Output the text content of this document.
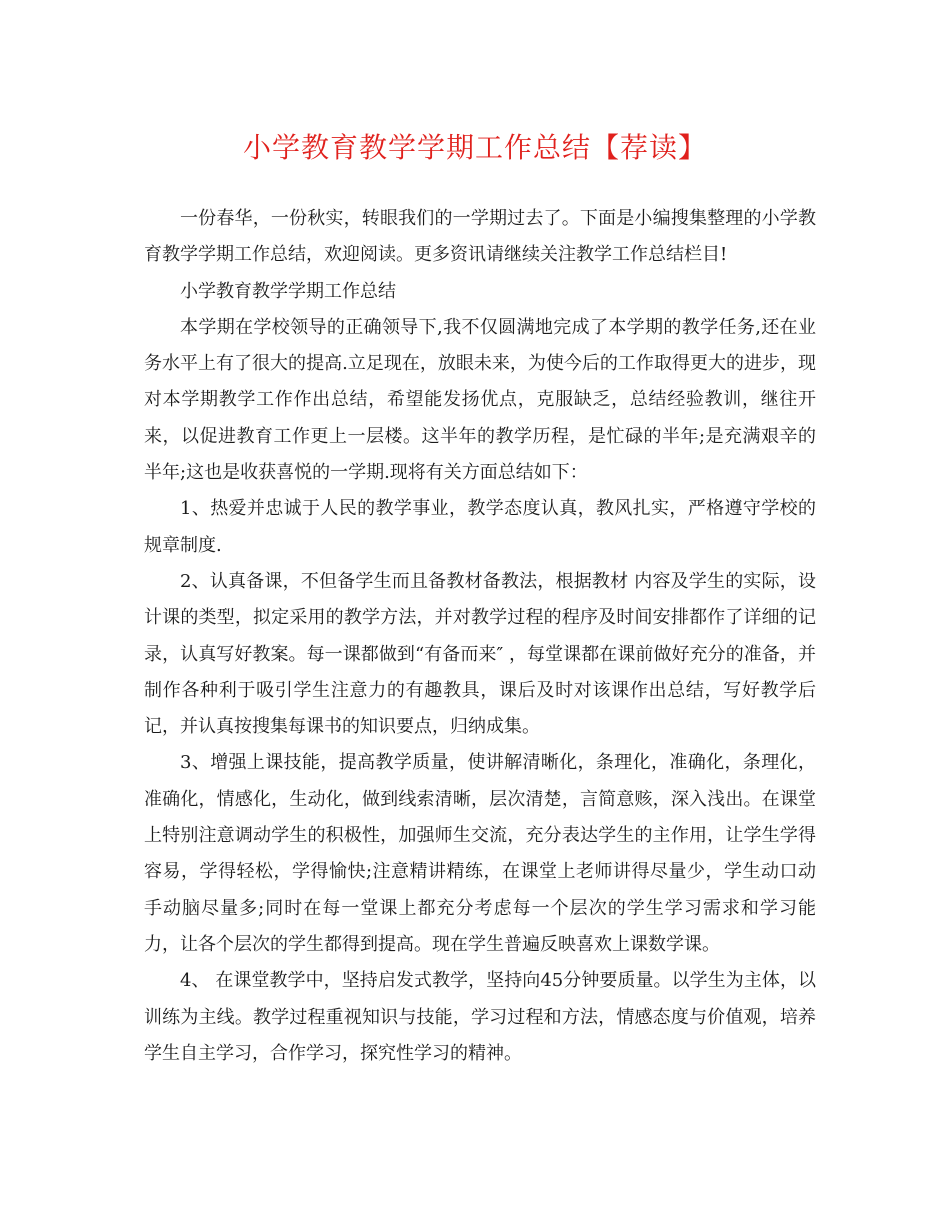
小学教育教学学期工作总结【荐读】

一份春华，一份秋实，转眼我们的一学期过去了。下面是小编搜集整理的小学教育教学学期工作总结，欢迎阅读。更多资讯请继续关注教学工作总结栏目!

小学教育教学学期工作总结

本学期在学校领导的正确领导下,我不仅圆满地完成了本学期的教学任务,还在业务水平上有了很大的提高.立足现在，放眼未来，为使今后的工作取得更大的进步，现对本学期教学工作作出总结，希望能发扬优点，克服缺乏，总结经验教训，继往开来，以促进教育工作更上一层楼。这半年的教学历程，是忙碌的半年;是充满艰辛的半年;这也是收获喜悦的一学期.现将有关方面总结如下：

1、热爱并忠诚于人民的教学事业，教学态度认真，教风扎实，严格遵守学校的规章制度.

2、认真备课，不但备学生而且备教材备教法，根据教材 内容及学生的实际，设计课的类型，拟定采用的教学方法，并对教学过程的程序及时间安排都作了详细的记录，认真写好教案。每一课都做到“有备而来″ ，每堂课都在课前做好充分的准备，并制作各种利于吸引学生注意力的有趣教具，课后及时对该课作出总结，写好教学后记，并认真按搜集每课书的知识要点，归纳成集。

3、增强上课技能，提高教学质量，使讲解清晰化，条理化，准确化，条理化，准确化，情感化，生动化，做到线索清晰，层次清楚，言简意赅，深入浅出。在课堂上特别注意调动学生的积极性，加强师生交流，充分表达学生的主作用，让学生学得容易，学得轻松，学得愉快;注意精讲精练，在课堂上老师讲得尽量少，学生动口动手动脑尽量多;同时在每一堂课上都充分考虑每一个层次的学生学习需求和学习能力，让各个层次的学生都得到提高。现在学生普遍反映喜欢上课数学课。

4、 在课堂教学中，坚持启发式教学，坚持向45分钟要质量。以学生为主体，以训练为主线。教学过程重视知识与技能，学习过程和方法，情感态度与价值观，培养学生自主学习，合作学习，探究性学习的精神。
